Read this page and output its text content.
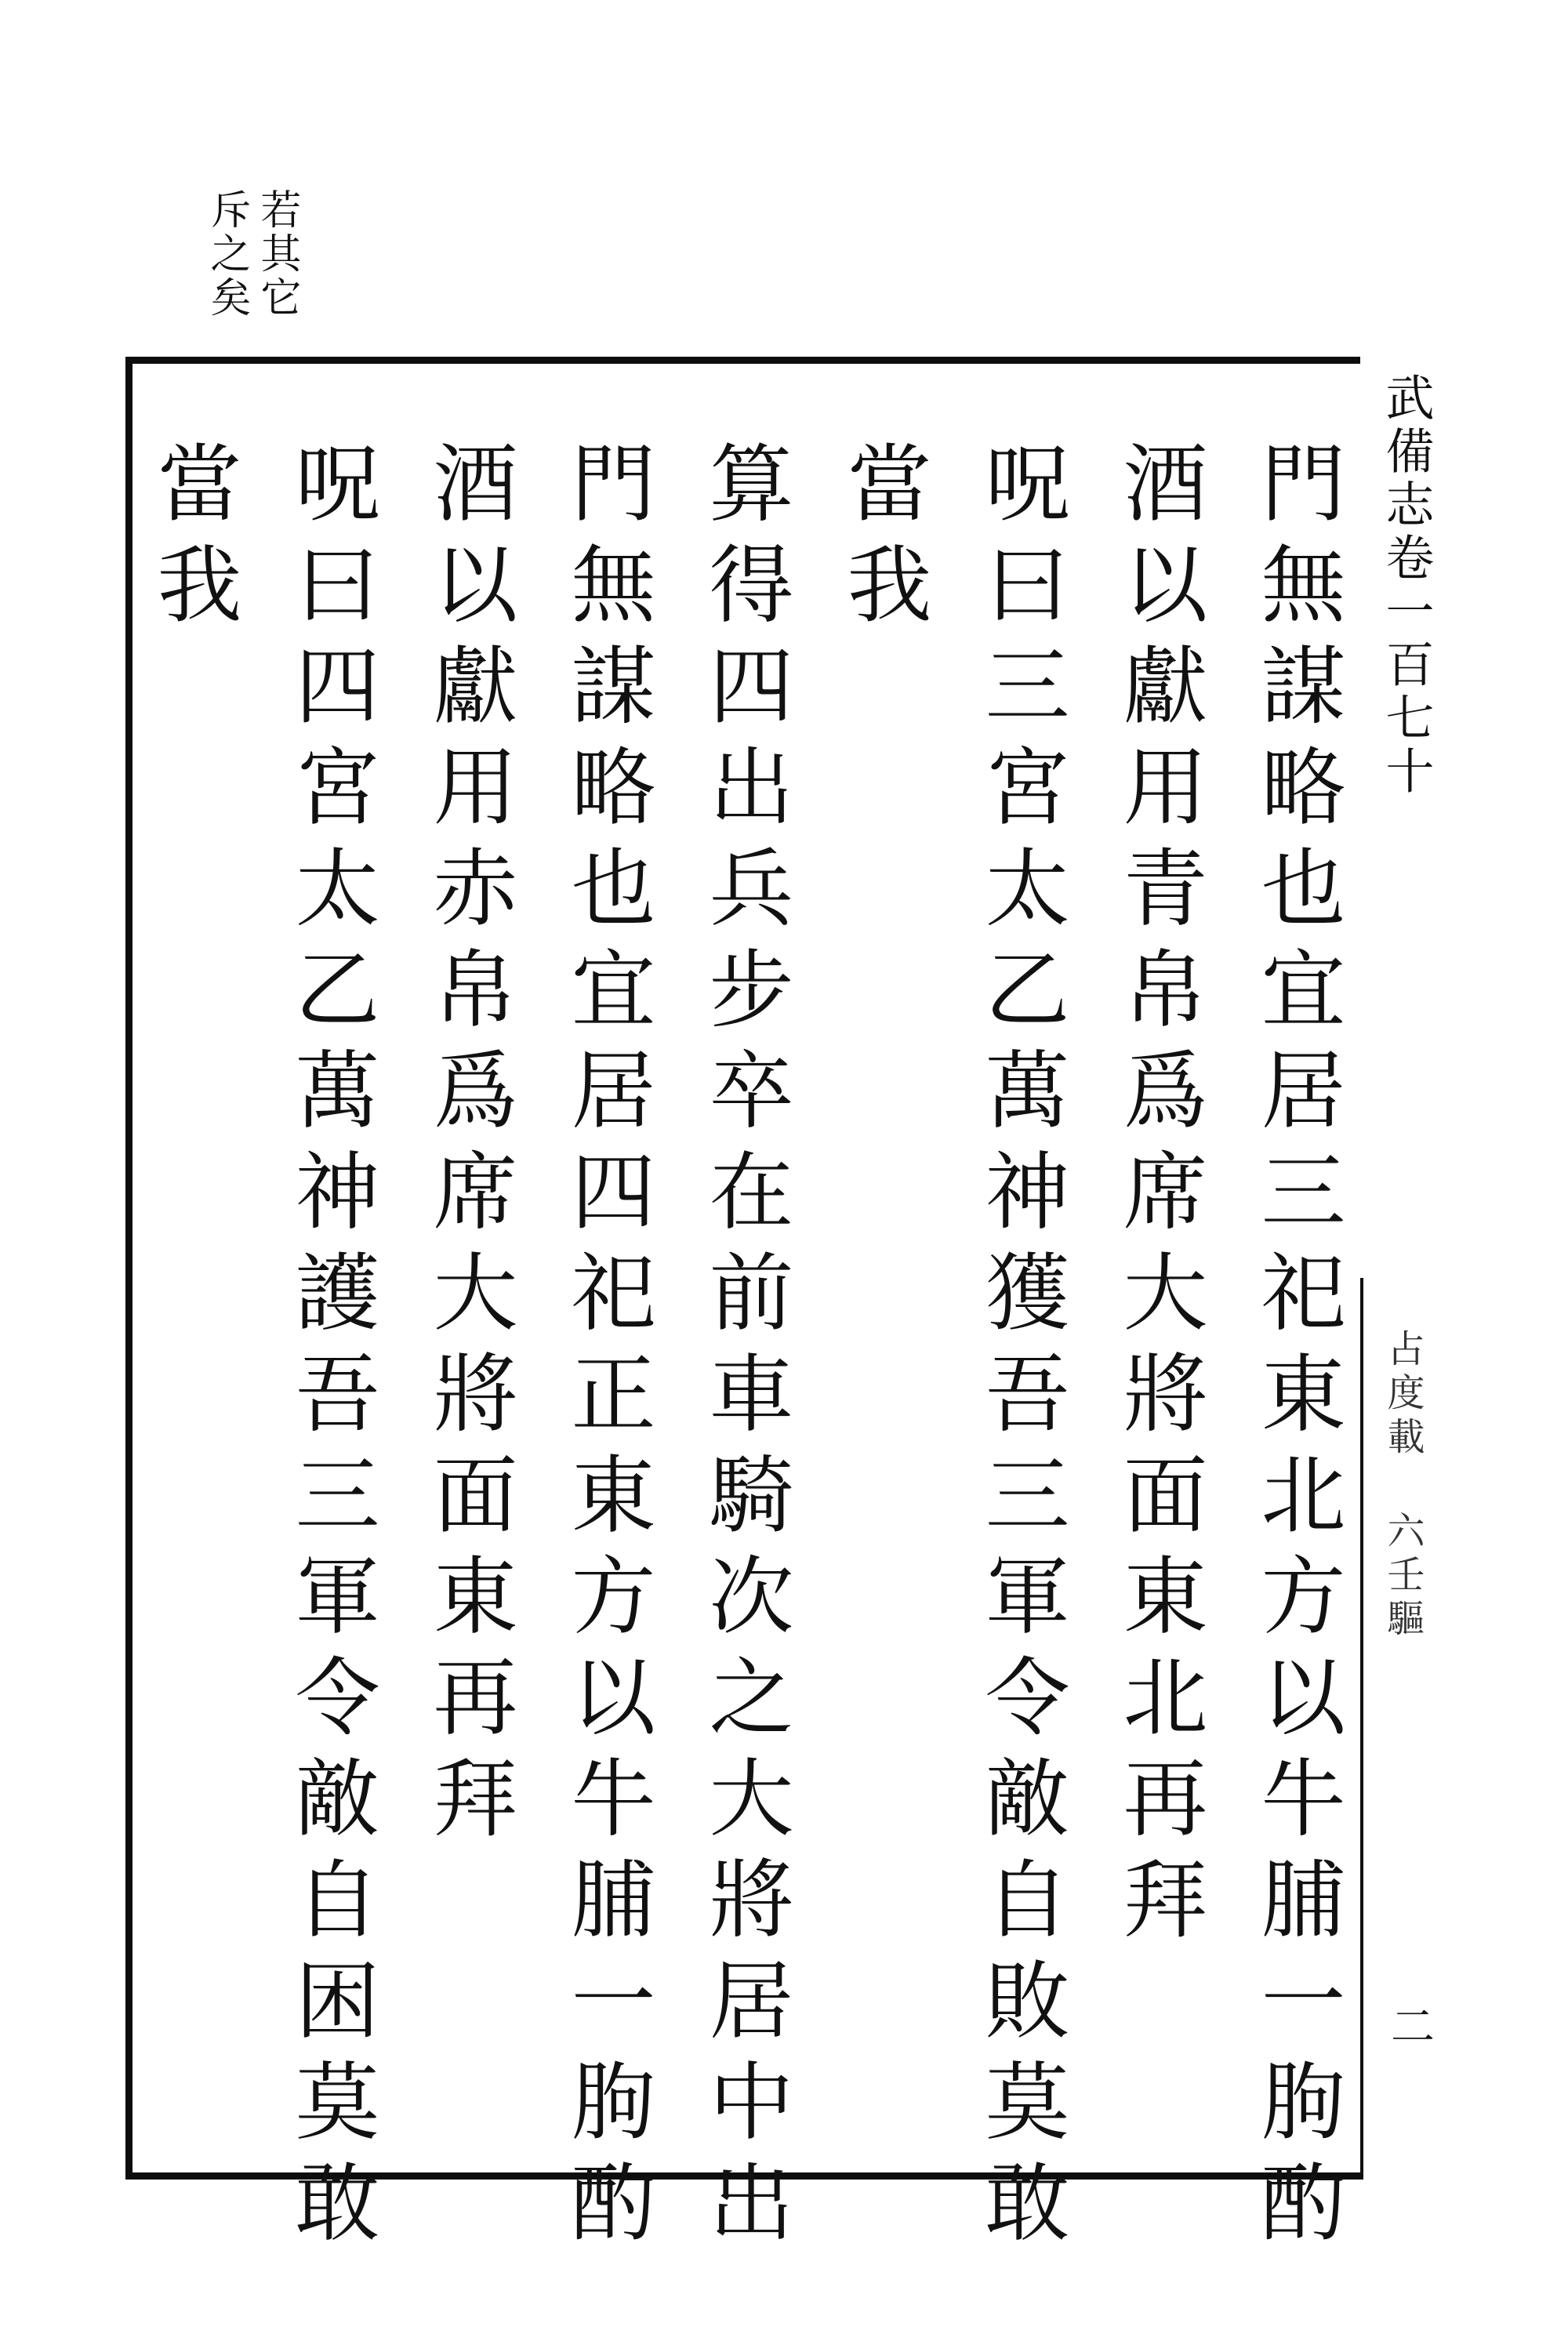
若其它
斥之矣
武備志卷一百七十
占度載 六壬驅
二
門無謀略也宜居三祀東北方以牛脯一朐酌
酒以獻用青帛爲席大將面東北再拜
呪曰三宮太乙萬神獲吾三軍令敵自敗莫敢
當我
算得四出兵步卒在前車騎次之大將居中出
門無謀略也宜居四祀正東方以牛脯一朐酌
酒以獻用赤帛爲席大將面東再拜
呪曰四宮太乙萬神護吾三軍令敵自困莫敢
當我
